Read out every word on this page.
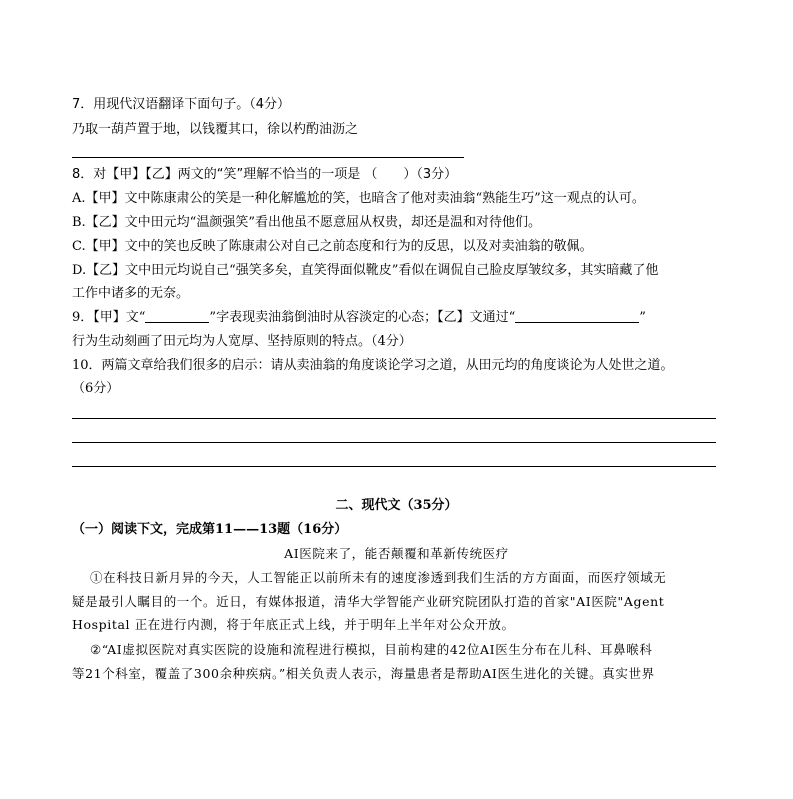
7．用现代汉语翻译下面句子。（4分）
乃取一葫芦置于地，以钱覆其口，徐以杓酌油沥之
8．对【甲】【乙】两文的“笑”理解不恰当的一项是 （　　）（3分）
A.【甲】文中陈康肃公的笑是一种化解尴尬的笑，也暗含了他对卖油翁“熟能生巧”这一观点的认可。
B.【乙】文中田元均“温颜强笑”看出他虽不愿意屈从权贵，却还是温和对待他们。
C.【甲】文中的笑也反映了陈康肃公对自己之前态度和行为的反思，以及对卖油翁的敬佩。
D.【乙】文中田元均说自己“强笑多矣，直笑得面似靴皮”看似在调侃自己脸皮厚皱纹多，其实暗藏了他
工作中诸多的无奈。
9．【甲】文“	”字表现卖油翁倒油时从容淡定的心态；【乙】文通过“	”
行为生动刻画了田元均为人宽厚、坚持原则的特点。（4分）
10．两篇文章给我们很多的启示：请从卖油翁的角度谈论学习之道，从田元均的角度谈论为人处世之道。
（6分）
二、现代文（35分）
（一）阅读下文，完成第11——13题（16分）
AI医院来了，能否颠覆和革新传统医疗
①在科技日新月异的今天，人工智能正以前所未有的速度渗透到我们生活的方方面面，而医疗领域无
疑是最引人瞩目的一个。近日，有媒体报道，清华大学智能产业研究院团队打造的首家"AI医院"Agent
Hospital 正在进行内测，将于年底正式上线，并于明年上半年对公众开放。
②“AI虚拟医院对真实医院的设施和流程进行模拟，目前构建的42位AI医生分布在儿科、耳鼻喉科
等21个科室，覆盖了300余种疾病。”相关负责人表示，海量患者是帮助AI医生进化的关键。真实世界
